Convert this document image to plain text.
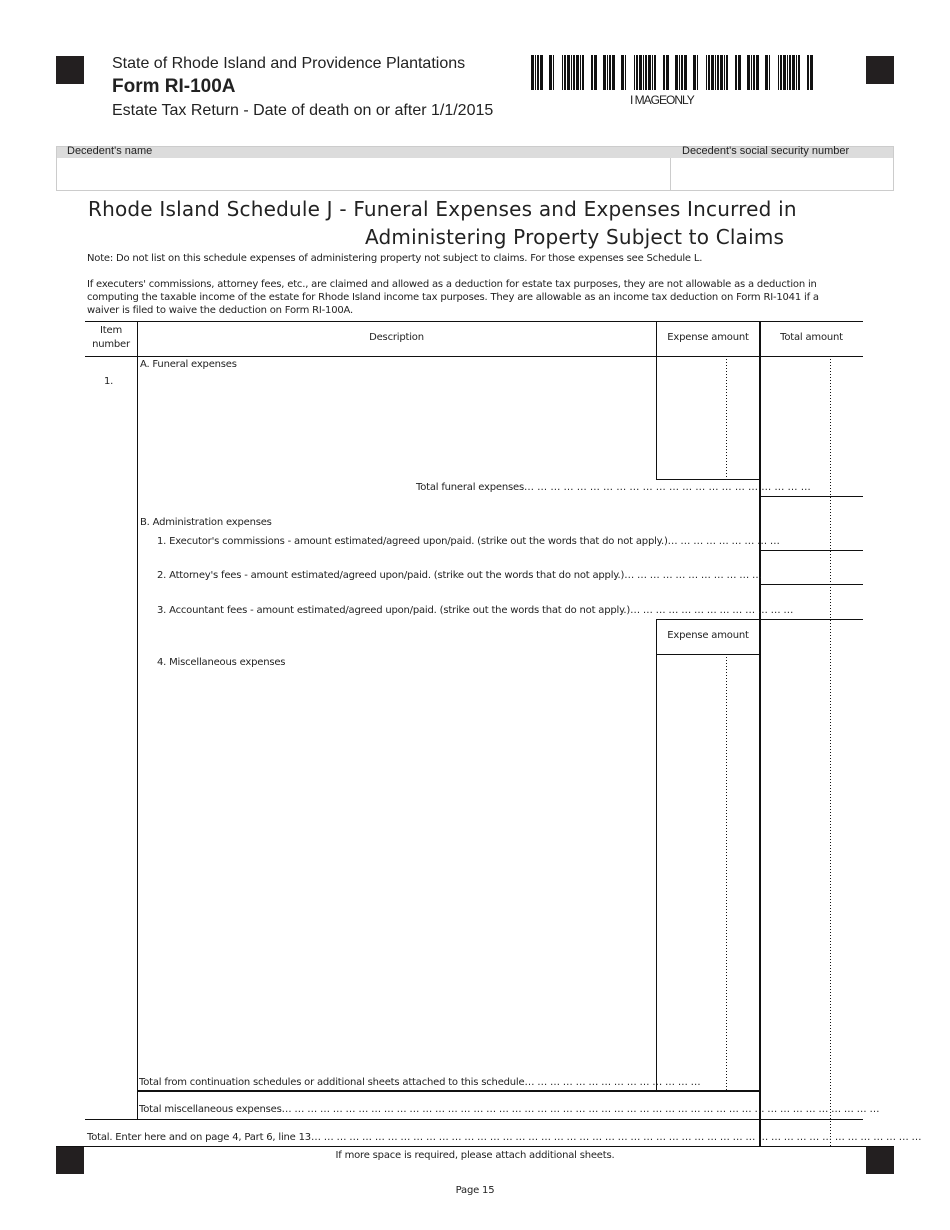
State of Rhode Island and Providence Plantations
Form RI-100A
Estate Tax Return - Date of death on or after 1/1/2015
I MAGEONLY
Decedent's name	Decedent's social security number
Rhode Island Schedule J - Funeral Expenses and Expenses Incurred in
Administering Property Subject to Claims
Note: Do not list on this schedule expenses of administering property not subject to claims. For those expenses see Schedule L.
If executers' commissions, attorney fees, etc., are claimed and allowed as a deduction for estate tax purposes, they are not allowable as a deduction in
computing the taxable income of the estate for Rhode Island income tax purposes. They are allowable as an income tax deduction on Form RI-1041 if a
waiver is filed to waive the deduction on Form RI-100A.
Item
number
Description	Expense amount	Total amount
1.
A. Funeral expenses
Total funeral expenses… … … … … … … … … … … … … … … … … … … … … …
B. Administration expenses
1. Executor's commissions - amount estimated/agreed upon/paid. (strike out the words that do not apply.)… … … … … … … … …
2. Attorney's fees - amount estimated/agreed upon/paid. (strike out the words that do not apply.)… … … … … … … … … … …
3. Accountant fees - amount estimated/agreed upon/paid. (strike out the words that do not apply.)… … … … … … … … … … … … …
Expense amount
4. Miscellaneous expenses
Total from continuation schedules or additional sheets attached to this schedule… … … … … … … … … … … … … …
Total miscellaneous expenses… … … … … … … … … … … … … … … … … … … … … … … … … … … … … … … … … … … … … … … … … … … … … … …
Total. Enter here and on page 4, Part 6, line 13… … … … … … … … … … … … … … … … … … … … … … … … … … … … … … … … … … … … … … … … … … … … … … … …
If more space is required, please attach additional sheets.
Page 15
